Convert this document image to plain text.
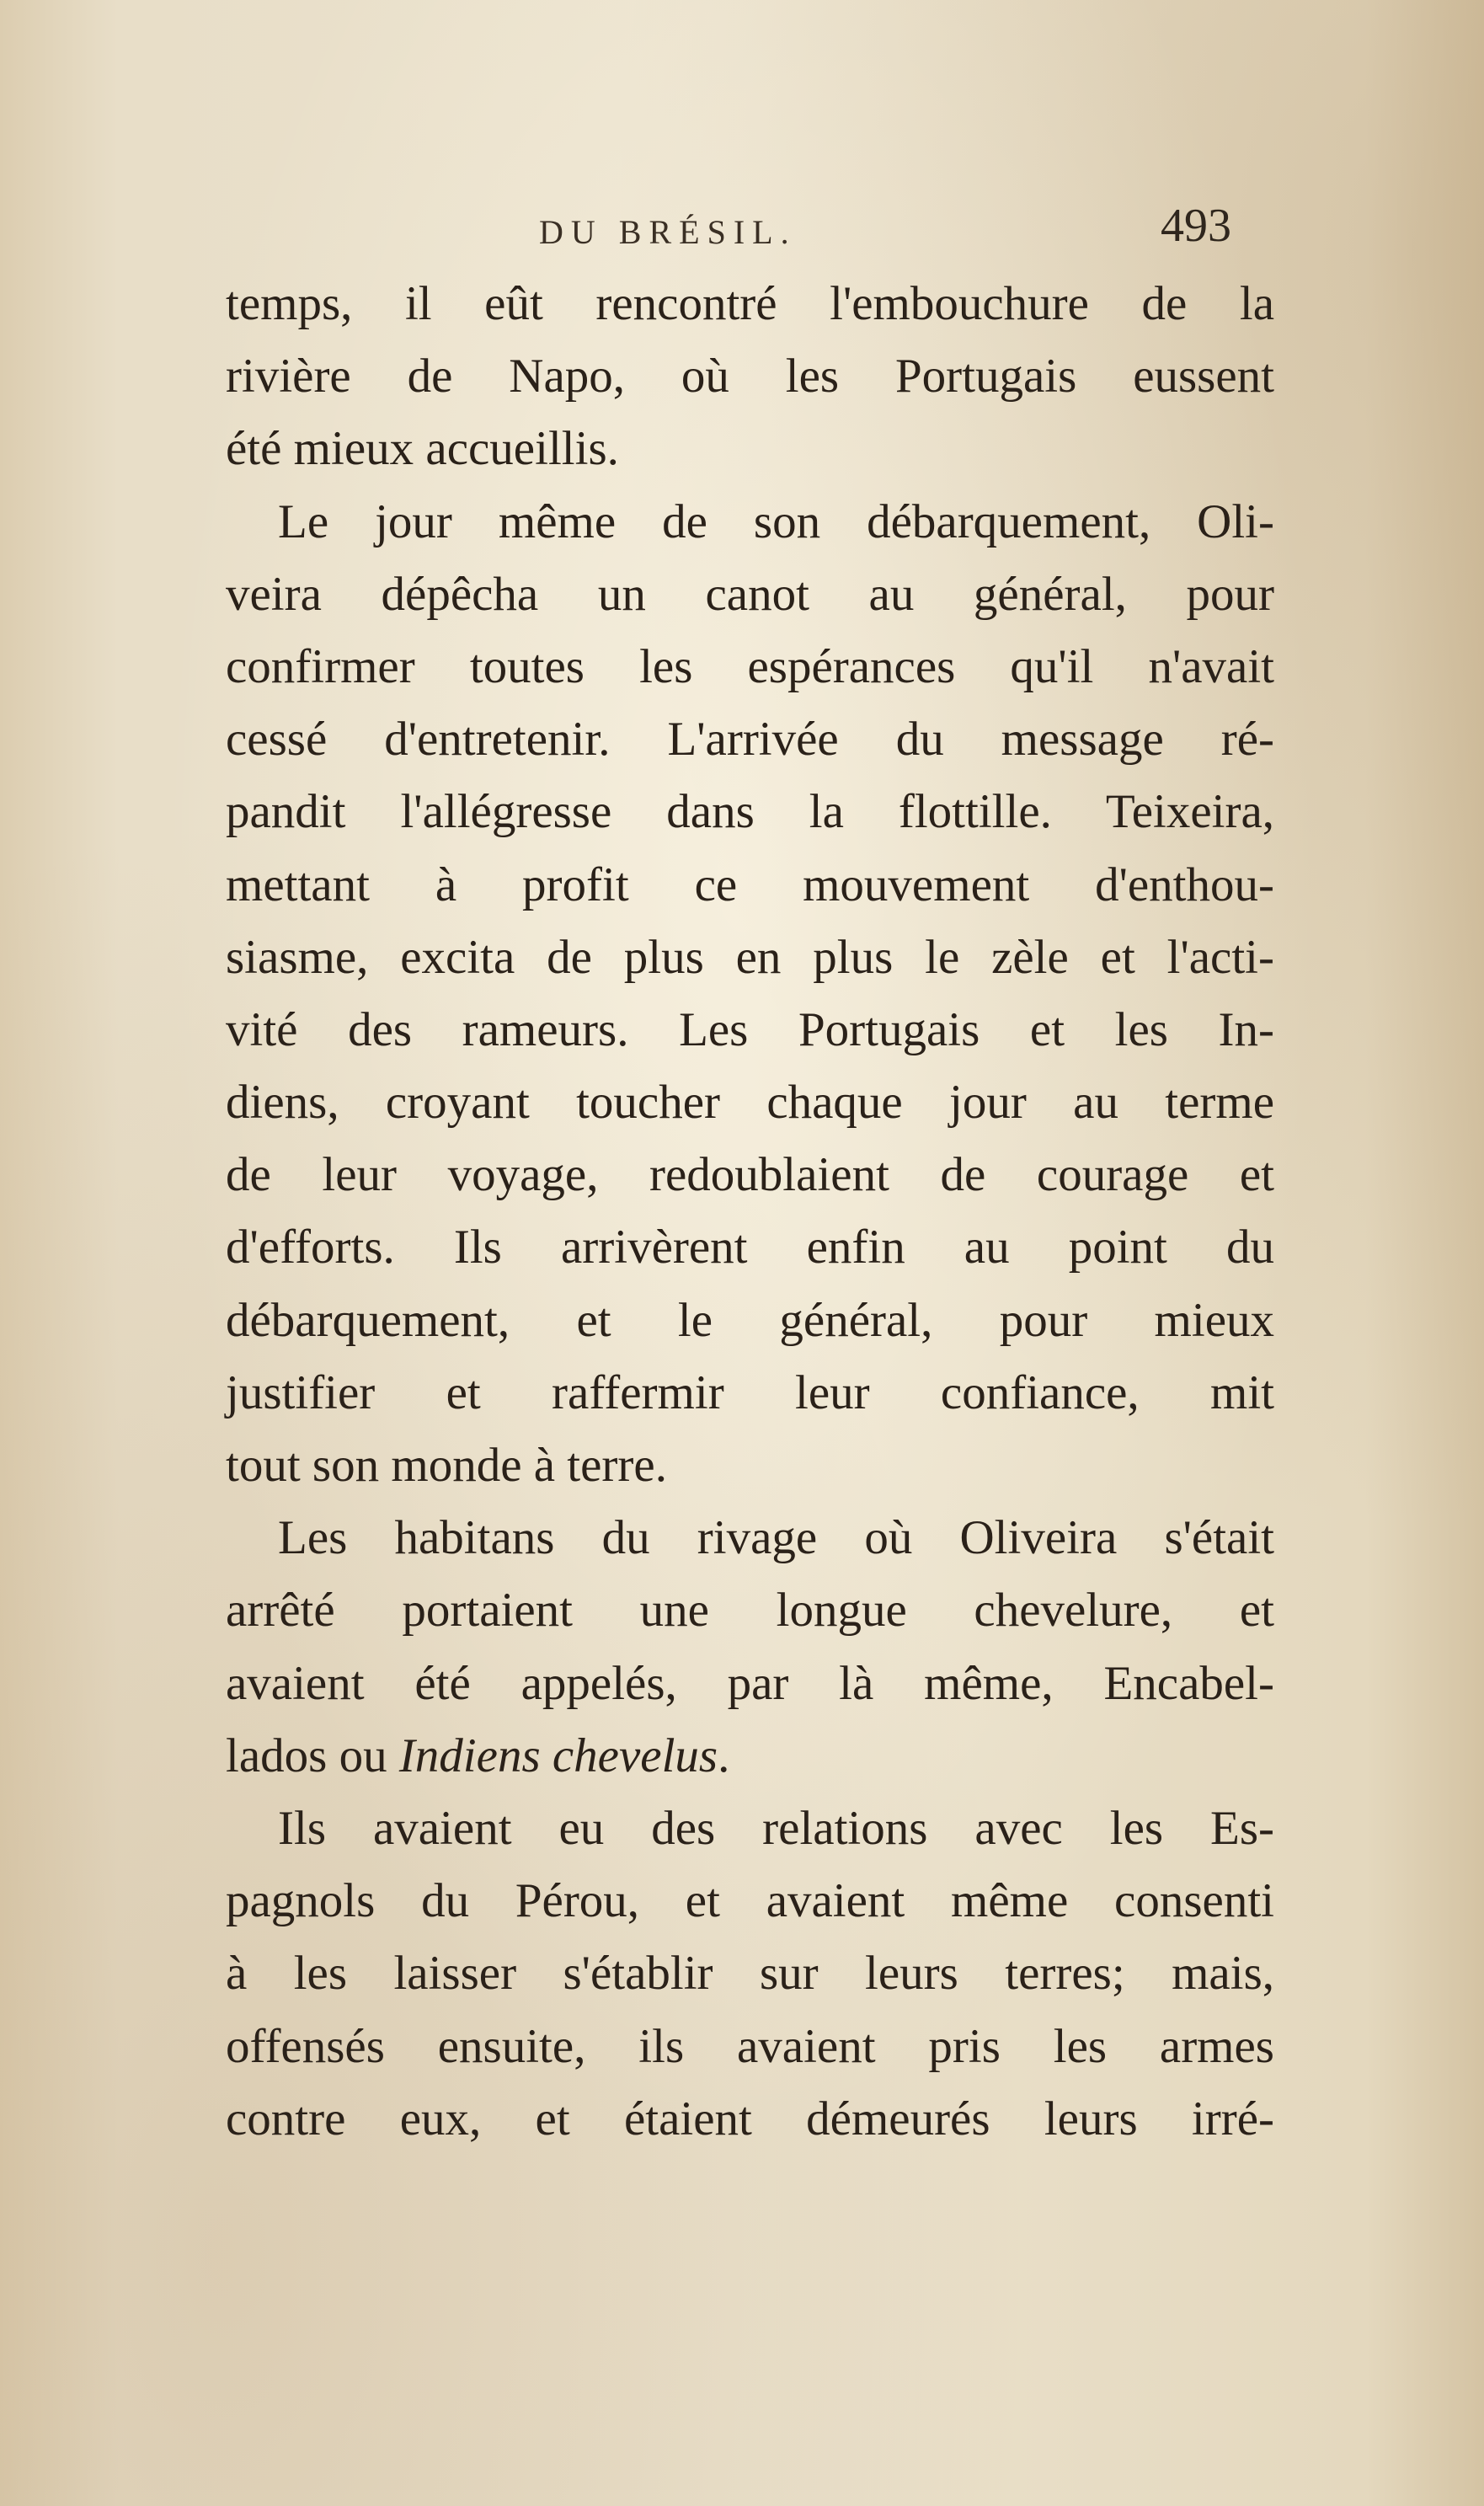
DU BRÉSIL.	493
temps, il eût rencontré l'embouchure de la
rivière de Napo, où les Portugais eussent
été mieux accueillis.
Le jour même de son débarquement, Oli-
veira dépêcha un canot au général, pour
confirmer toutes les espérances qu'il n'avait
cessé d'entretenir. L'arrivée du message ré-
pandit l'allégresse dans la flottille. Teixeira,
mettant à profit ce mouvement d'enthou-
siasme, excita de plus en plus le zèle et l'acti-
vité des rameurs. Les Portugais et les In-
diens, croyant toucher chaque jour au terme
de leur voyage, redoublaient de courage et
d'efforts. Ils arrivèrent enfin au point du
débarquement, et le général, pour mieux
justifier et raffermir leur confiance, mit
tout son monde à terre.
Les habitans du rivage où Oliveira s'était
arrêté portaient une longue chevelure, et
avaient été appelés, par là même, Encabel-
lados ou Indiens chevelus.
Ils avaient eu des relations avec les Es-
pagnols du Pérou, et avaient même consenti
à les laisser s'établir sur leurs terres; mais,
offensés ensuite, ils avaient pris les armes
contre eux, et étaient démeurés leurs irré-
